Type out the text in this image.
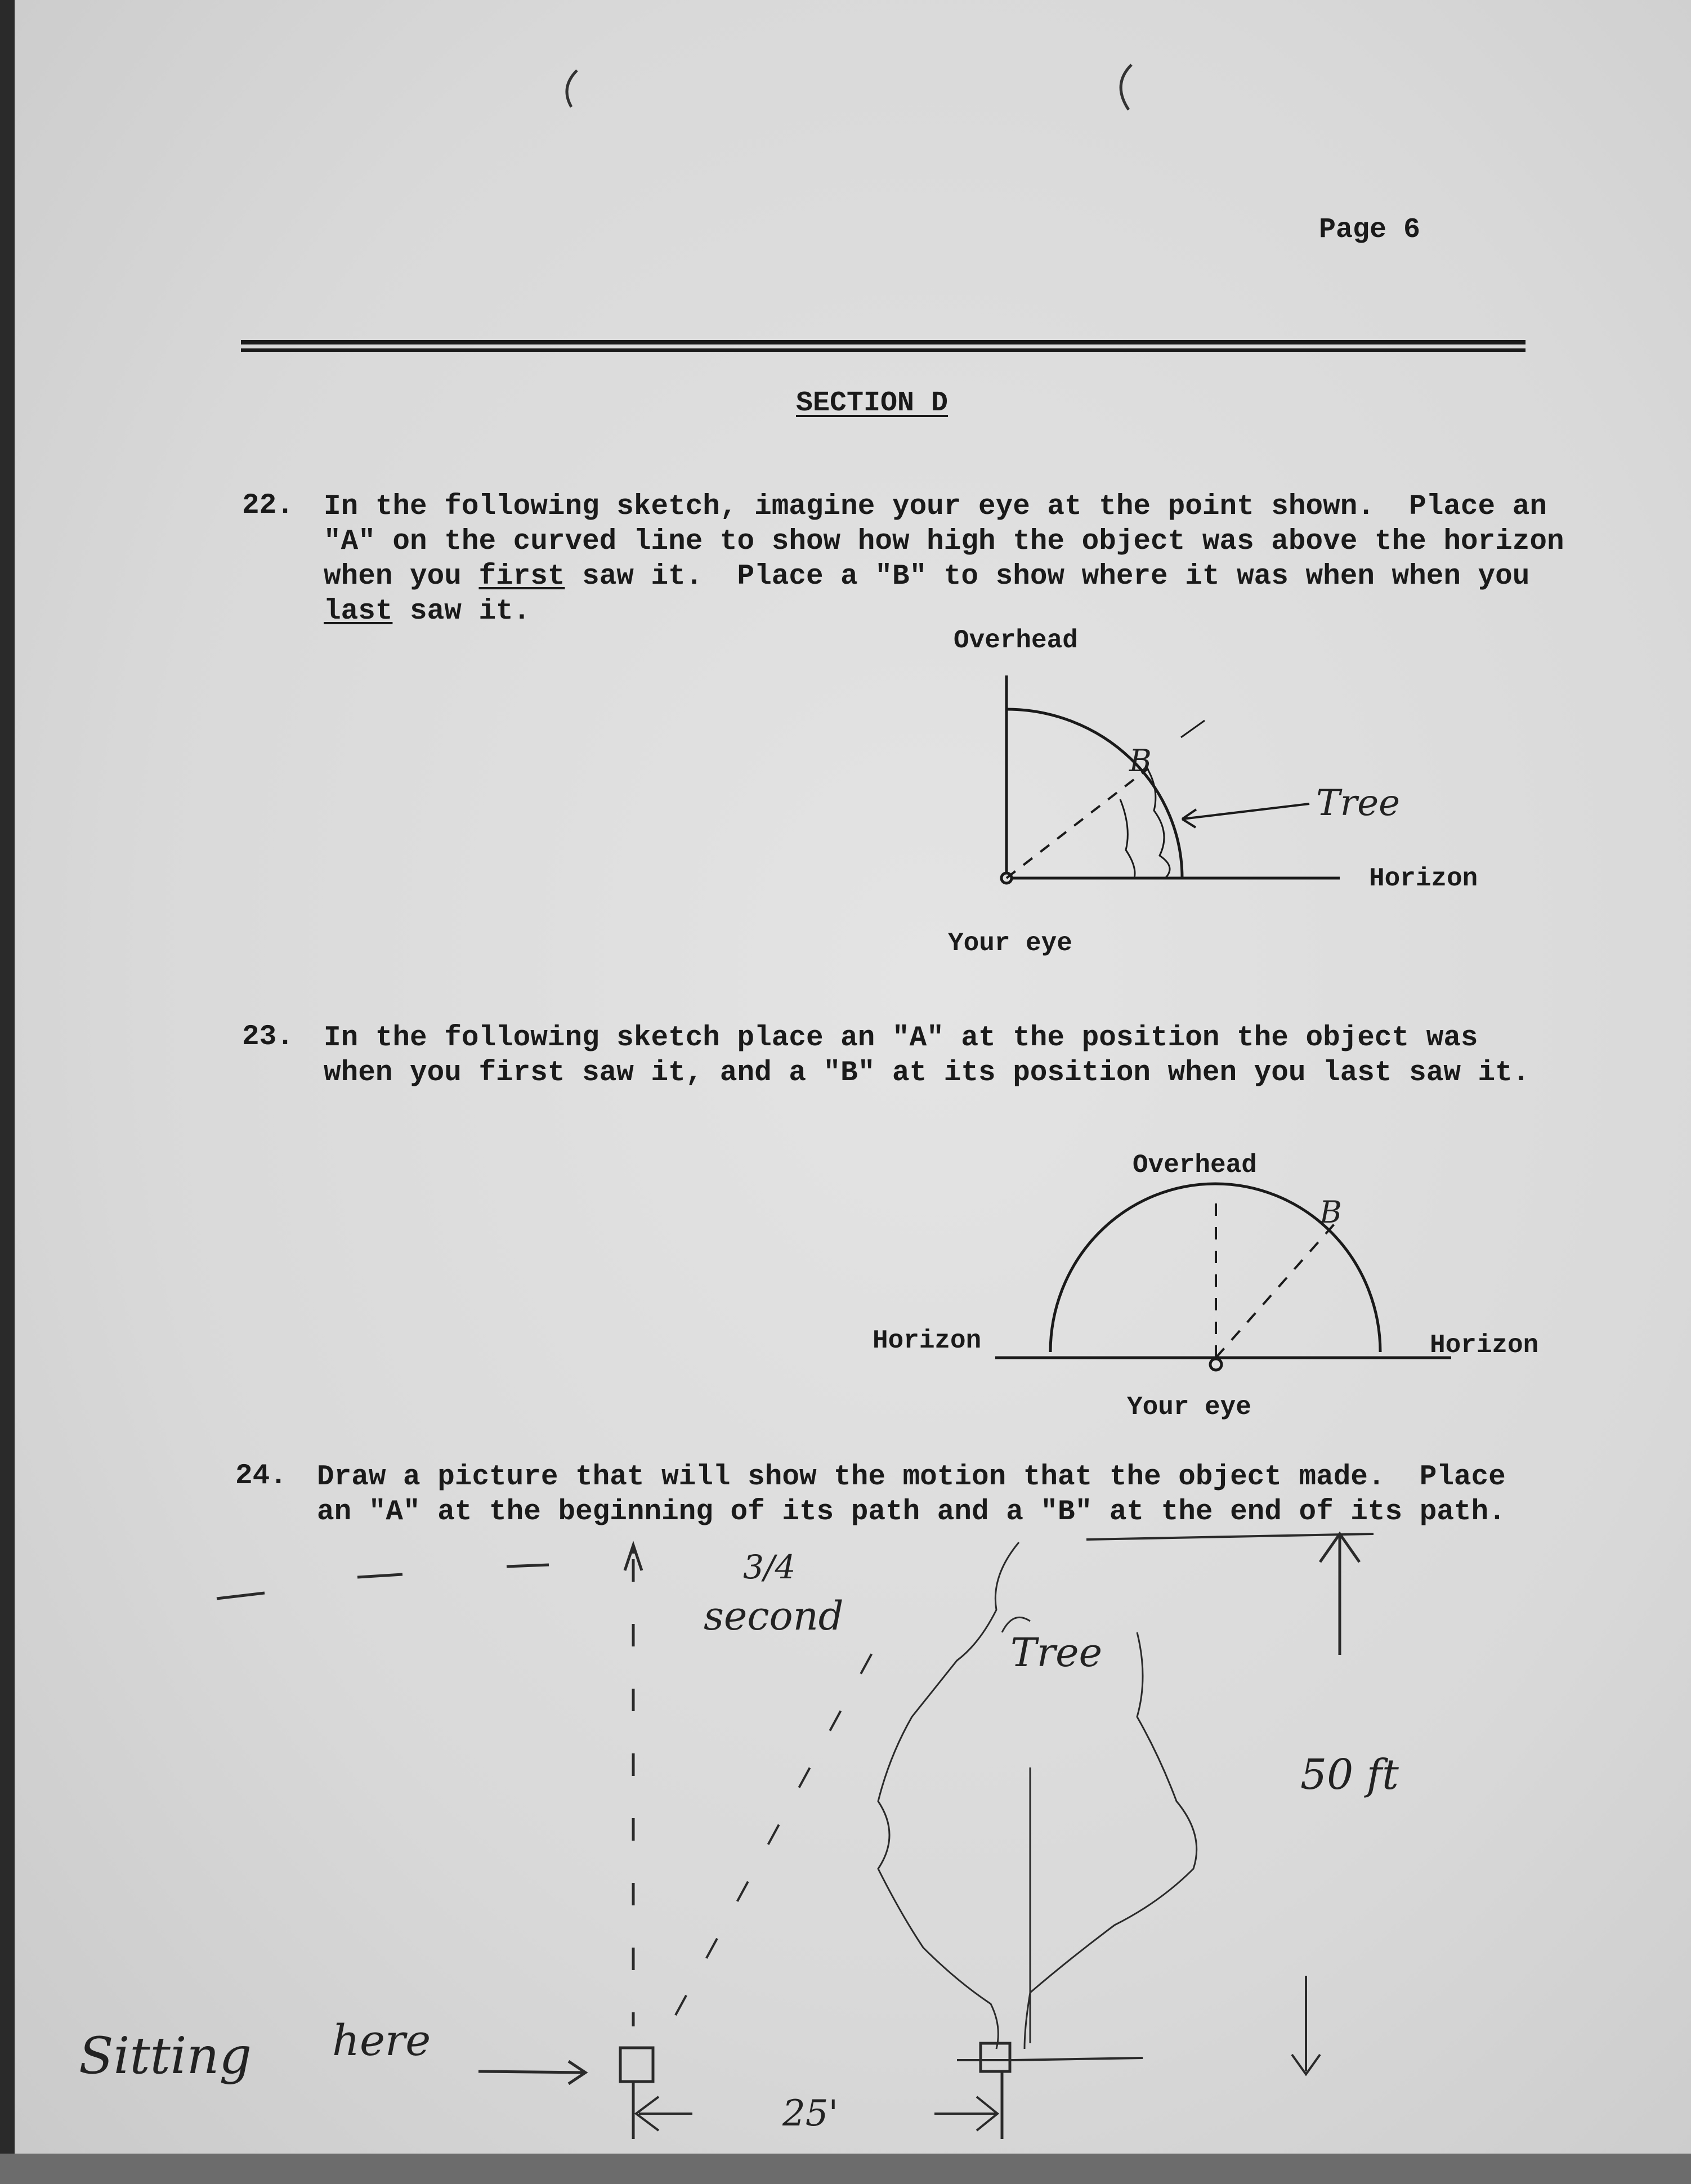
Page 6
SECTION D
22. In the following sketch, imagine your eye at the point shown.  Place an
"A" on the curved line to show how high the object was above the horizon
when you first saw it.  Place a "B" to show where it was when when you
last saw it.
Overhead
Horizon
Your eye
Tree
B
23. In the following sketch place an "A" at the position the object was
when you first saw it, and a "B" at its position when you last saw it.
Overhead
Horizon	Horizon
Your eye
B
24. Draw a picture that will show the motion that the object made.  Place
an "A" at the beginning of its path and a "B" at the end of its path.
3/4
second
Tree
50 ft
Sitting here
25'
